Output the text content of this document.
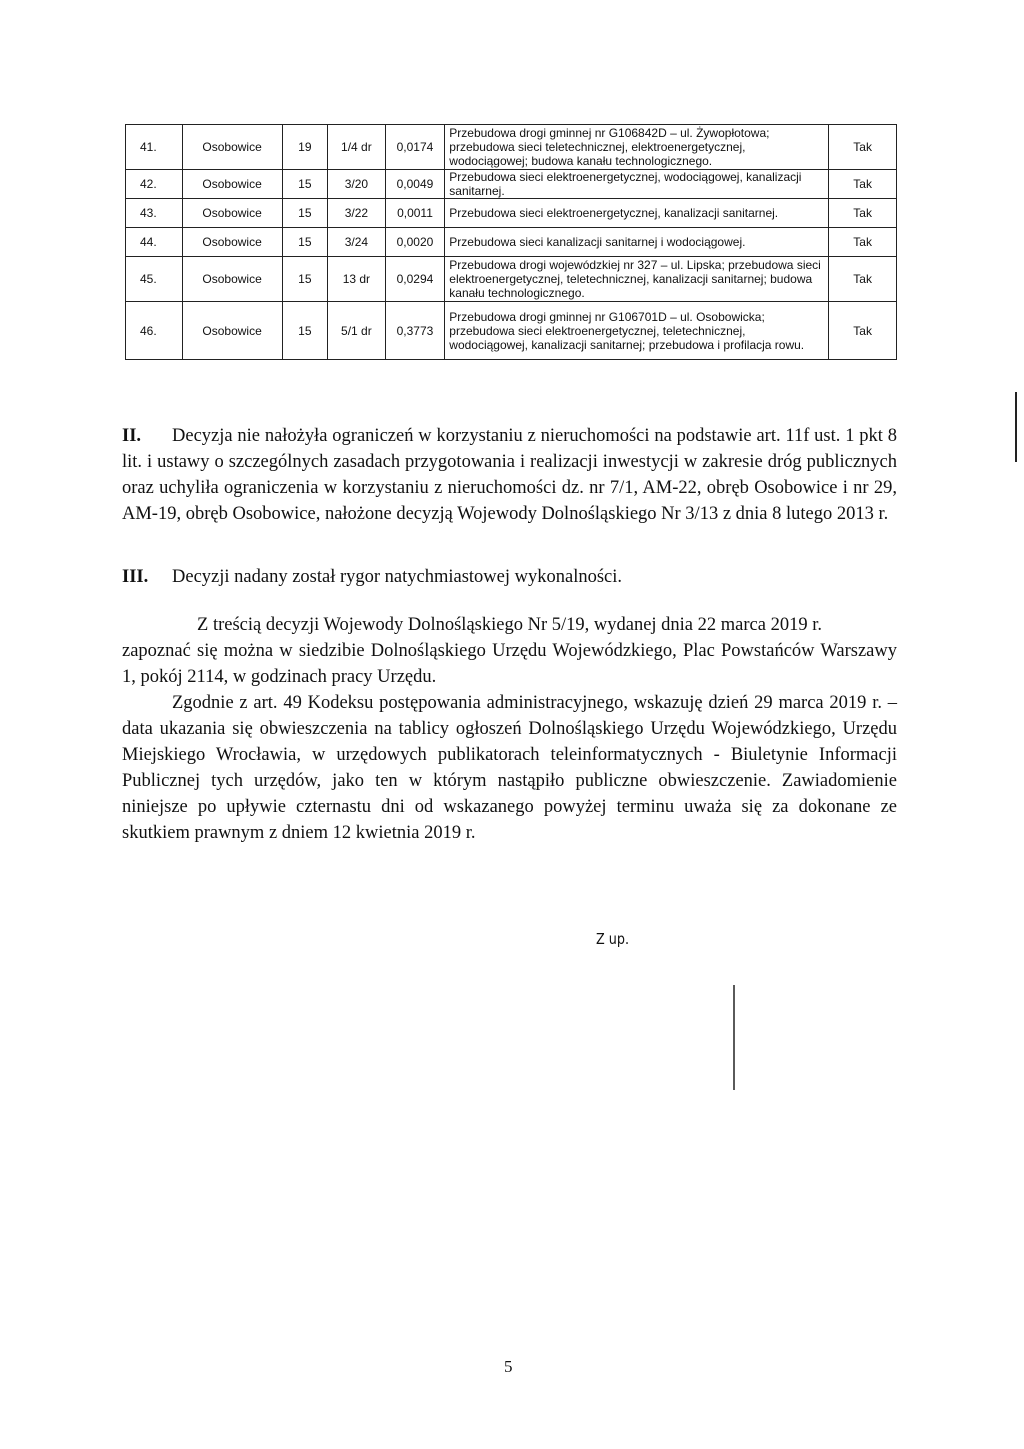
41.	Osobowice	19	1/4 dr	0,0174	Przebudowa drogi gminnej nr G106842D – ul. Żywopłotowa; przebudowa sieci teletechnicznej, elektroenergetycznej, wodociągowej; budowa kanału technologicznego.	Tak
42.	Osobowice	15	3/20	0,0049	Przebudowa sieci elektroenergetycznej, wodociągowej, kanalizacji sanitarnej.	Tak
43.	Osobowice	15	3/22	0,0011	Przebudowa sieci elektroenergetycznej, kanalizacji sanitarnej.	Tak
44.	Osobowice	15	3/24	0,0020	Przebudowa sieci kanalizacji sanitarnej i wodociągowej.	Tak
45.	Osobowice	15	13 dr	0,0294	Przebudowa drogi wojewódzkiej nr 327 – ul. Lipska; przebudowa sieci elektroenergetycznej, teletechnicznej, kanalizacji sanitarnej; budowa kanału technologicznego.	Tak
46.	Osobowice	15	5/1 dr	0,3773	Przebudowa drogi gminnej nr G106701D – ul. Osobowicka; przebudowa sieci elektroenergetycznej, teletechnicznej, wodociągowej, kanalizacji sanitarnej; przebudowa i profilacja rowu.	Tak

II. Decyzja nie nałożyła ograniczeń w korzystaniu z nieruchomości na podstawie art. 11f ust. 1 pkt 8 lit. i ustawy o szczególnych zasadach przygotowania i realizacji inwestycji w zakresie dróg publicznych oraz uchyliła ograniczenia w korzystaniu z nieruchomości dz. nr 7/1, AM-22, obręb Osobowice i nr 29, AM-19, obręb Osobowice, nałożone decyzją Wojewody Dolnośląskiego Nr 3/13 z dnia 8 lutego 2013 r.

III. Decyzji nadany został rygor natychmiastowej wykonalności.

Z treścią decyzji Wojewody Dolnośląskiego Nr 5/19, wydanej dnia 22 marca 2019 r.

zapoznać się można w siedzibie Dolnośląskiego Urzędu Wojewódzkiego, Plac Powstańców Warszawy 1, pokój 2114, w godzinach pracy Urzędu.

Zgodnie z art. 49 Kodeksu postępowania administracyjnego, wskazuję dzień 29 marca 2019 r. – data ukazania się obwieszczenia na tablicy ogłoszeń Dolnośląskiego Urzędu Wojewódzkiego, Urzędu Miejskiego Wrocławia, w urzędowych publikatorach teleinformatycznych - Biuletynie Informacji Publicznej tych urzędów, jako ten w którym nastąpiło publiczne obwieszczenie. Zawiadomienie niniejsze po upływie czternastu dni od wskazanego powyżej terminu uważa się za dokonane ze skutkiem prawnym z dniem 12 kwietnia 2019 r.

Z up.
5
